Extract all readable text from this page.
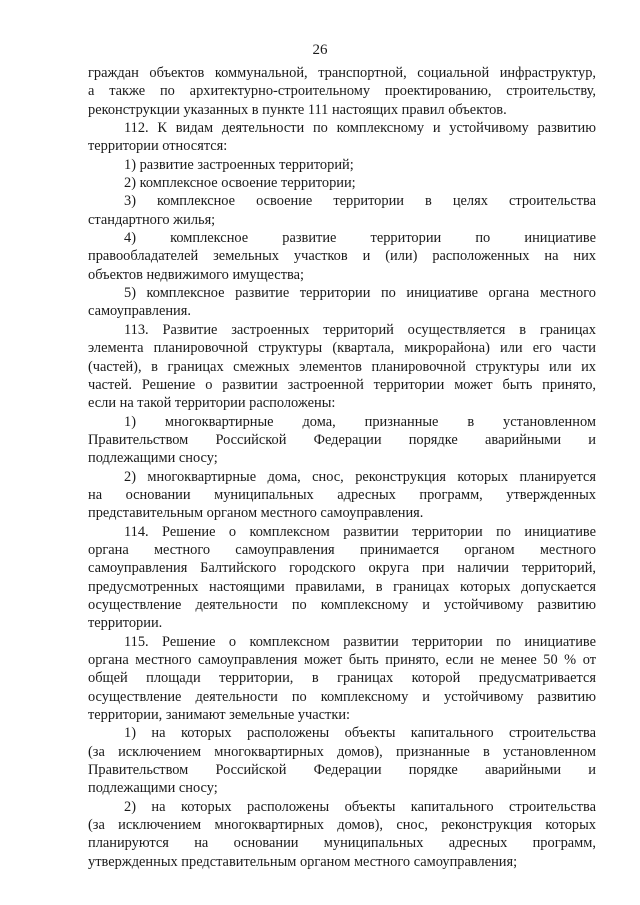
26
граждан объектов коммунальной, транспортной, социальной инфраструктур,
а также по архитектурно-строительному проектированию, строительству,
реконструкции указанных в пункте 111 настоящих правил объектов.
112. К видам деятельности по комплексному и устойчивому развитию
территории относятся:
1) развитие застроенных территорий;
2) комплексное освоение территории;
3) комплексное освоение территории в целях строительства
стандартного жилья;
4) комплексное развитие территории по инициативе
правообладателей земельных участков и (или) расположенных на них
объектов недвижимого имущества;
5) комплексное развитие территории по инициативе органа местного
самоуправления.
113. Развитие застроенных территорий осуществляется в границах
элемента планировочной структуры (квартала, микрорайона) или его части
(частей), в границах смежных элементов планировочной структуры или их
частей. Решение о развитии застроенной территории может быть принято,
если на такой территории расположены:
1) многоквартирные дома, признанные в установленном
Правительством Российской Федерации порядке аварийными и
подлежащими сносу;
2) многоквартирные дома, снос, реконструкция которых планируется
на основании муниципальных адресных программ, утвержденных
представительным органом местного самоуправления.
114. Решение о комплексном развитии территории по инициативе
органа местного самоуправления принимается органом местного
самоуправления Балтийского городского округа при наличии территорий,
предусмотренных настоящими правилами, в границах которых допускается
осуществление деятельности по комплексному и устойчивому развитию
территории.
115. Решение о комплексном развитии территории по инициативе
органа местного самоуправления может быть принято, если не менее 50 % от
общей площади территории, в границах которой предусматривается
осуществление деятельности по комплексному и устойчивому развитию
территории, занимают земельные участки:
1) на которых расположены объекты капитального строительства
(за исключением многоквартирных домов), признанные в установленном
Правительством Российской Федерации порядке аварийными и
подлежащими сносу;
2) на которых расположены объекты капитального строительства
(за исключением многоквартирных домов), снос, реконструкция которых
планируются на основании муниципальных адресных программ,
утвержденных представительным органом местного самоуправления;
